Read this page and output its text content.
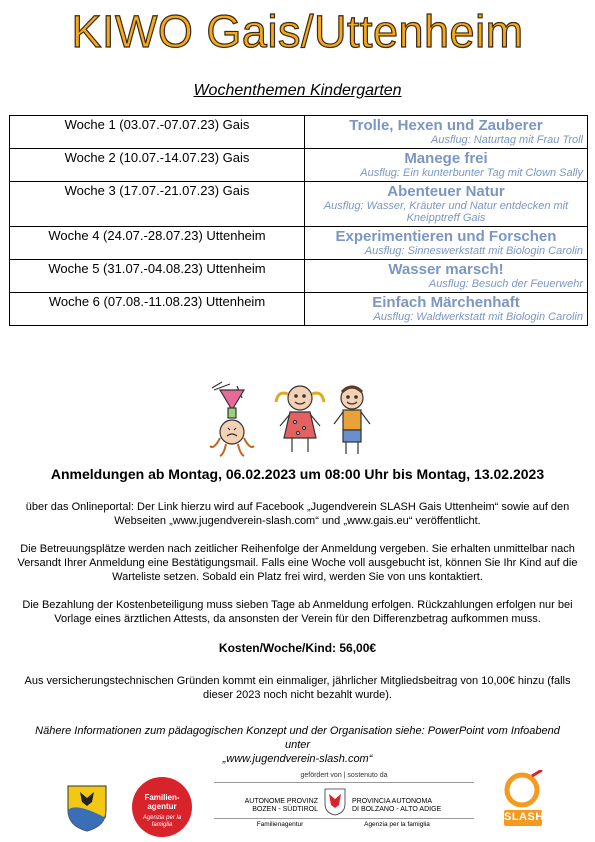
KIWO Gais/Uttenheim
Wochenthemen Kindergarten
Woche 1 (03.07.-07.07.23) Gais	Trolle, Hexen und Zauberer
Ausflug: Naturtag mit Frau Troll

Woche 2 (10.07.-14.07.23) Gais	Manege frei
Ausflug: Ein kunterbunter Tag mit Clown Sally

Woche 3 (17.07.-21.07.23) Gais	Abenteuer Natur
Ausflug: Wasser, Kräuter und Natur entdecken mit Kneipptreff Gais

Woche 4 (24.07.-28.07.23) Uttenheim	Experimentieren und Forschen
Ausflug: Sinneswerkstatt mit Biologin Carolin

Woche 5 (31.07.-04.08.23) Uttenheim	Wasser marsch!
Ausflug: Besuch der Feuerwehr

Woche 6 (07.08.-11.08.23) Uttenheim	Einfach Märchenhaft
Ausflug: Waldwerkstatt mit Biologin Carolin
Anmeldungen ab Montag, 06.02.2023 um 08:00 Uhr bis Montag, 13.02.2023
über das Onlineportal: Der Link hierzu wird auf Facebook „Jugendverein SLASH Gais Uttenheim“ sowie auf den Webseiten „www.jugendverein-slash.com“ und „www.gais.eu“ veröffentlicht.
Die Betreuungsplätze werden nach zeitlicher Reihenfolge der Anmeldung vergeben. Sie erhalten unmittelbar nach Versandt Ihrer Anmeldung eine Bestätigungsmail. Falls eine Woche voll ausgebucht ist, können Sie Ihr Kind auf die Warteliste setzen. Sobald ein Platz frei wird, werden Sie von uns kontaktiert.
Die Bezahlung der Kostenbeteiligung muss sieben Tage ab Anmeldung erfolgen. Rückzahlungen erfolgen nur bei Vorlage eines ärztlichen Attests, da ansonsten der Verein für den Differenzbetrag aufkommen muss.
Kosten/Woche/Kind: 56,00€
Aus versicherungstechnischen Gründen kommt ein einmaliger, jährlicher Mitgliedsbeitrag von 10,00€ hinzu (falls dieser 2023 noch nicht bezahlt wurde).
Nähere Informationen zum pädagogischen Konzept und der Organisation siehe: PowerPoint vom Infoabend unter
„www.jugendverein-slash.com“
Familien-agentur
Agenzia per la famiglia
gefördert von | sostenuto da
AUTONOME PROVINZ
BOZEN - SÜDTIROL
PROVINCIA AUTONOMA
DI BOLZANO - ALTO ADIGE
Familienagentur	Agenzia per la famiglia
SLASH
